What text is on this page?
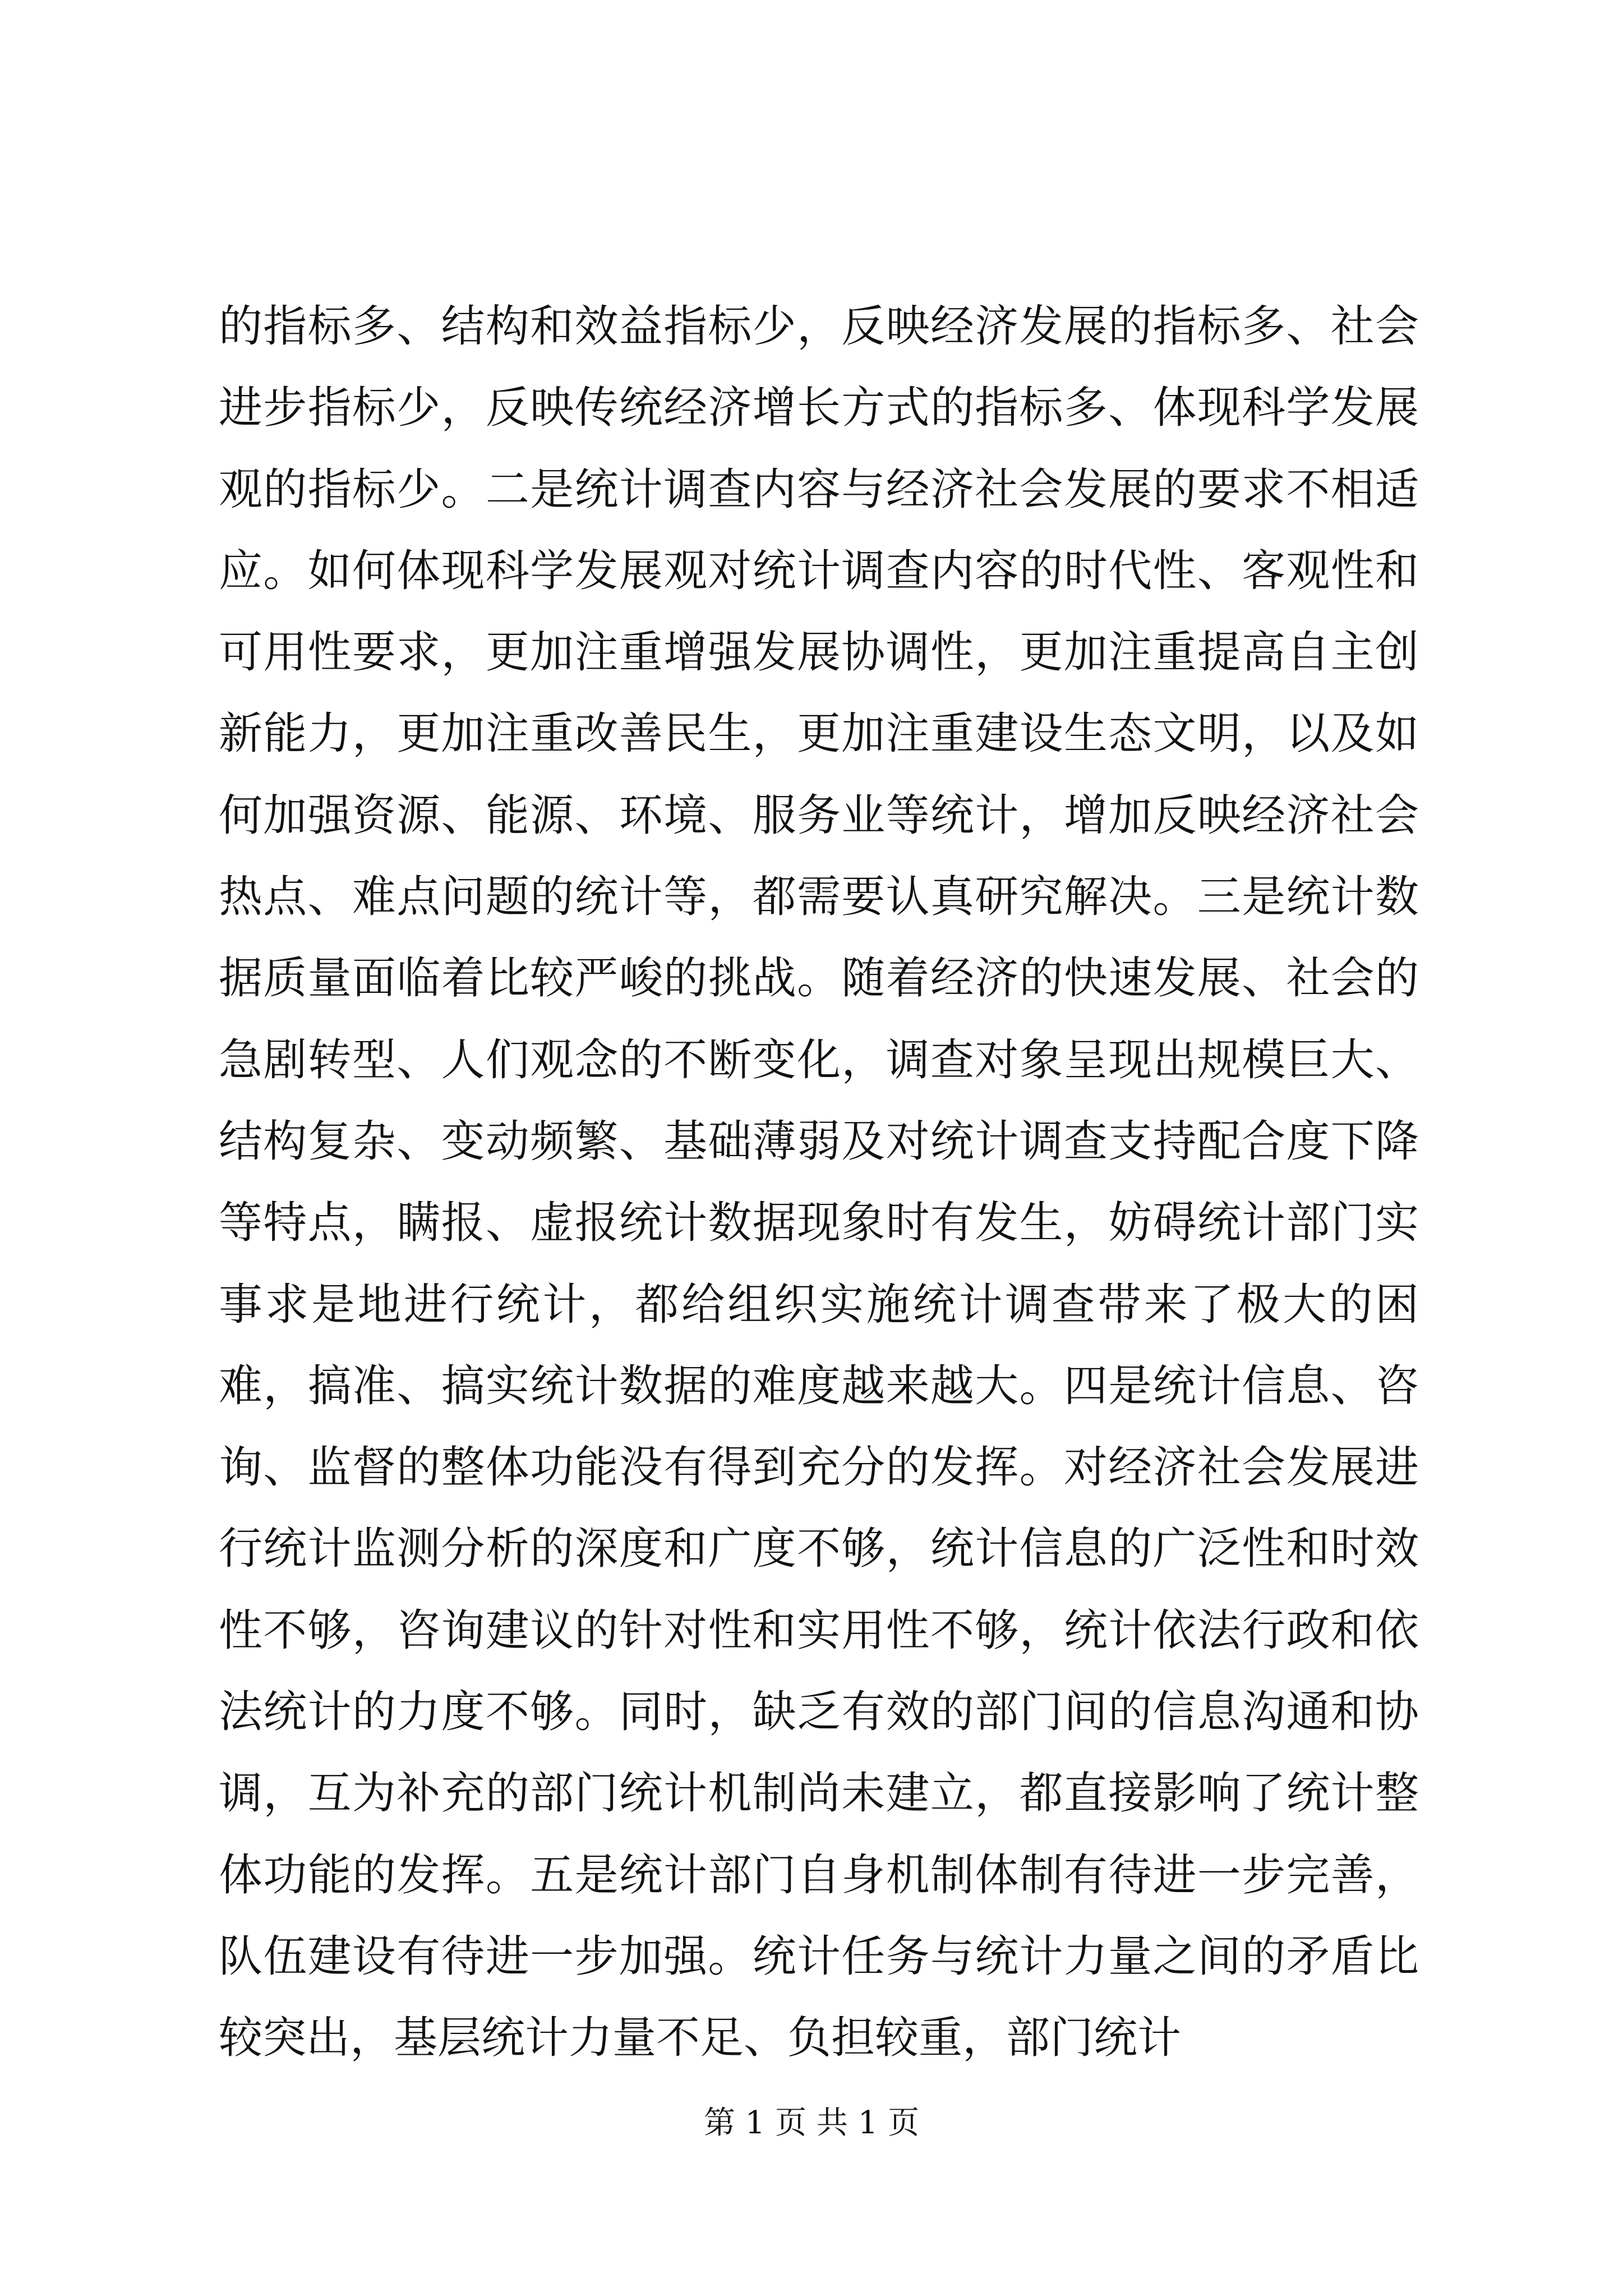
的指标多、结构和效益指标少，反映经济发展的指标多、社会进步指标少，反映传统经济增长方式的指标多、体现科学发展观的指标少。二是统计调查内容与经济社会发展的要求不相适应。如何体现科学发展观对统计调查内容的时代性、客观性和可用性要求，更加注重增强发展协调性，更加注重提高自主创新能力，更加注重改善民生，更加注重建设生态文明，以及如何加强资源、能源、环境、服务业等统计，增加反映经济社会热点、难点问题的统计等，都需要认真研究解决。三是统计数据质量面临着比较严峻的挑战。随着经济的快速发展、社会的急剧转型、人们观念的不断变化，调查对象呈现出规模巨大、结构复杂、变动频繁、基础薄弱及对统计调查支持配合度下降等特点，瞒报、虚报统计数据现象时有发生，妨碍统计部门实事求是地进行统计，都给组织实施统计调查带来了极大的困难，搞准、搞实统计数据的难度越来越大。四是统计信息、咨询、监督的整体功能没有得到充分的发挥。对经济社会发展进行统计监测分析的深度和广度不够，统计信息的广泛性和时效性不够，咨询建议的针对性和实用性不够，统计依法行政和依法统计的力度不够。同时，缺乏有效的部门间的信息沟通和协调，互为补充的部门统计机制尚未建立，都直接影响了统计整体功能的发挥。五是统计部门自身机制体制有待进一步完善，队伍建设有待进一步加强。统计任务与统计力量之间的矛盾比较突出，基层统计力量不足、负担较重，部门统计

第 1 页 共 1 页
